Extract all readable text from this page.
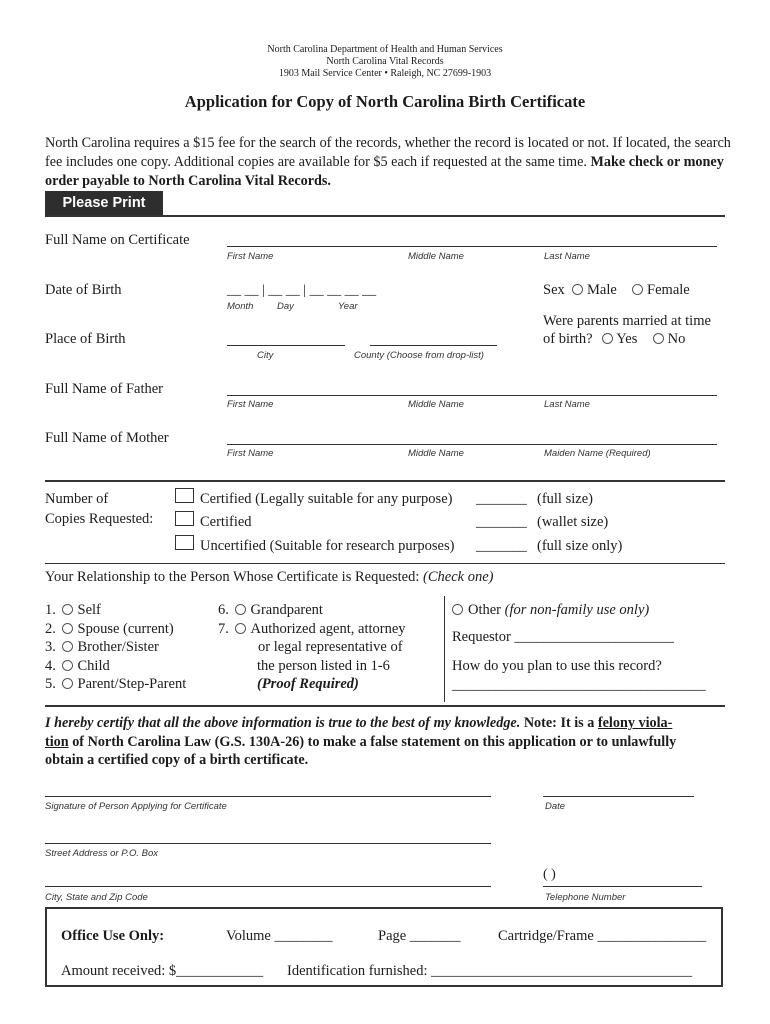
North Carolina Department of Health and Human Services
North Carolina Vital Records
1903 Mail Service Center • Raleigh, NC 27699-1903
Application for Copy of North Carolina Birth Certificate
North Carolina requires a $15 fee for the search of the records, whether the record is located or not. If located, the search fee includes one copy. Additional copies are available for $5 each if requested at the same time. Make check or money order payable to North Carolina Vital Records.
Please Print
Full Name on Certificate
First Name	Middle Name	Last Name
Date of Birth	__ __ | __ __ | __ __ __ __
Month Day	Year
Sex Male Female
Were parents married at time
of birth? Yes No
Place of Birth
City	County (Choose from drop-list)
Full Name of Father
First Name	Middle Name	Last Name
Full Name of Mother
First Name	Middle Name	Maiden Name (Required)
Number of
Copies Requested:
Certified (Legally suitable for any purpose) _______ (full size)
Certified	_______ (wallet size)
Uncertified (Suitable for research purposes) _______ (full size only)
Your Relationship to the Person Whose Certificate is Requested: (Check one)
1. Self
2. Spouse (current)
3. Brother/Sister
4. Child
5. Parent/Step-Parent
6. Grandparent
7. Authorized agent, attorney
or legal representative of
the person listed in 1-6
(Proof Required)
Other (for non-family use only)
Requestor ______________________
How do you plan to use this record?
___________________________________
I hereby certify that all the above information is true to the best of my knowledge. Note: It is a felony viola-
tion of North Carolina Law (G.S. 130A-26) to make a false statement on this application or to unlawfully
obtain a certified copy of a birth certificate.
Signature of Person Applying for Certificate	Date
Street Address or P.O. Box
( )
City, State and Zip Code	Telephone Number
Office Use Only:	Volume ________	Page _______	Cartridge/Frame _______________
Amount received: $____________ Identification furnished: ____________________________________
